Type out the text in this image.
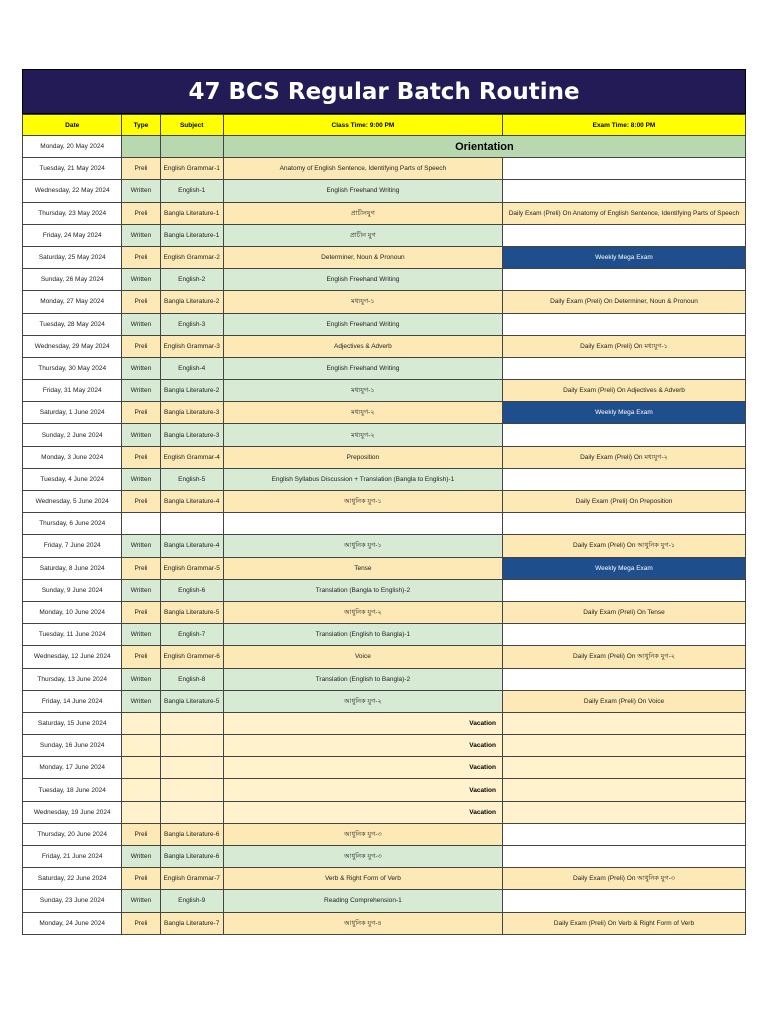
47 BCS Regular Batch Routine
Date	Type	Subject	Class Time: 9:00 PM	Exam Time: 8:00 PM
Monday, 20 May 2024			Orientation	
Tuesday, 21 May 2024	Preli	English Grammar-1	Anatomy of English Sentence, Identifying Parts of Speech	
Wednesday, 22 May 2024	Written	English-1	English Freehand Writing	
Thursday, 23 May 2024	Preli	Bangla Literature-1	প্রাচীনযুগ	Daily Exam (Preli) On Anatomy of English Sentence, Identifying Parts of Speech
Friday, 24 May 2024	Written	Bangla Literature-1	প্রাচীন যুগ	
Saturday, 25 May 2024	Preli	English Grammar-2	Determiner, Noun & Pronoun	Weekly Mega Exam
Sunday, 26 May 2024	Written	English-2	English Freehand Writing	
Monday, 27 May 2024	Preli	Bangla Literature-2	মধ্যযুগ-১	Daily Exam (Preli) On Determiner, Noun & Pronoun
Tuesday, 28 May 2024	Written	English-3	English Freehand Writing	
Wednesday, 29 May 2024	Preli	English Grammar-3	Adjectives & Adverb	Daily Exam (Preli) On মধ্যযুগ-১
Thursday, 30 May 2024	Written	English-4	English Freehand Writing	
Friday, 31 May 2024	Written	Bangla Literature-2	মধ্যযুগ-১	Daily Exam (Preli) On Adjectives & Adverb
Saturday, 1 June 2024	Preli	Bangla Literature-3	মধ্যযুগ-২	Weekly Mega Exam
Sunday, 2 June 2024	Written	Bangla Literature-3	মধ্যযুগ-২	
Monday, 3 June 2024	Preli	English Grammar-4	Preposition	Daily Exam (Preli) On মধ্যযুগ-২
Tuesday, 4 June 2024	Written	English-5	English Syllabus Discussion + Translation (Bangla to English)-1	
Wednesday, 5 June 2024	Preli	Bangla Literature-4	আধুনিক যুগ-১	Daily Exam (Preli) On Preposition
Thursday, 6 June 2024				
Friday, 7 June 2024	Written	Bangla Literature-4	আধুনিক যুগ-১	Daily Exam (Preli) On আধুনিক যুগ-১
Saturday, 8 June 2024	Preli	English Grammar-5	Tense	Weekly Mega Exam
Sunday, 9 June 2024	Written	English-6	Translation (Bangla to English)-2	
Monday, 10 June 2024	Preli	Bangla Literature-5	আধুনিক যুগ-২	Daily Exam (Preli) On Tense
Tuesday, 11 June 2024	Written	English-7	Translation (English to Bangla)-1	
Wednesday, 12 June 2024	Preli	English Grammer-6	Voice	Daily Exam (Preli) On আধুনিক যুগ-২
Thursday, 13 June 2024	Written	English-8	Translation (English to Bangla)-2	
Friday, 14 June 2024	Written	Bangla Literature-5	আধুনিক যুগ-২	Daily Exam (Preli) On Voice
Saturday, 15 June 2024			Vacation	
Sunday, 16 June 2024			Vacation	
Monday, 17 June 2024			Vacation	
Tuesday, 18 June 2024			Vacation	
Wednesday, 19 June 2024			Vacation	
Thursday, 20 June 2024	Preli	Bangla Literature-6	আধুনিক যুগ-৩	
Friday, 21 June 2024	Written	Bangla Literature-6	আধুনিক যুগ-৩	
Saturday, 22 June 2024	Preli	English Grammar-7	Verb & Right Form of Verb	Daily Exam (Preli) On আধুনিক যুগ-৩
Sunday, 23 June 2024	Written	English-9	Reading Comprehension-1	
Monday, 24 June 2024	Preli	Bangla Literature-7	আধুনিক যুগ-৪	Daily Exam (Preli) On Verb & Right Form of Verb
